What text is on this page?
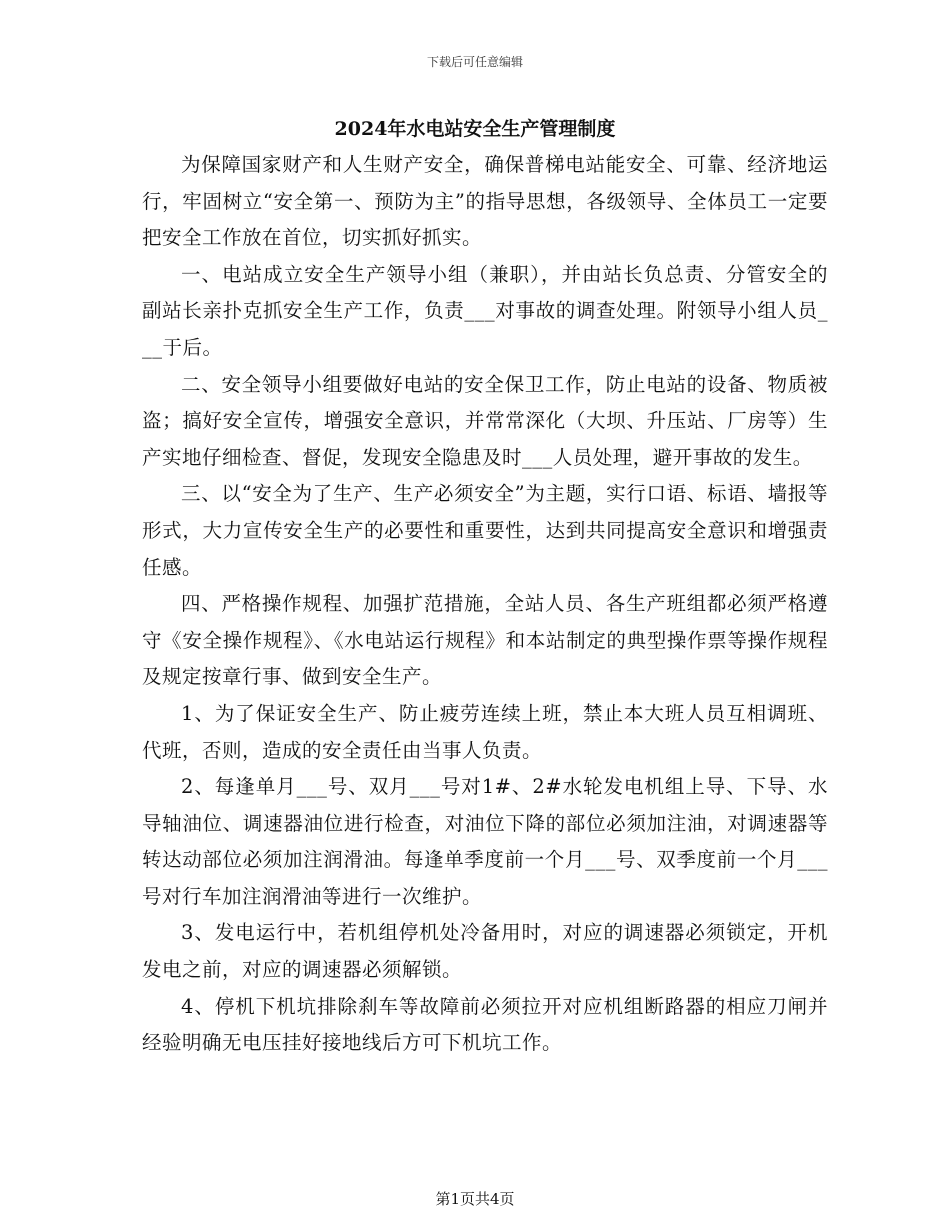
下载后可任意编辑
2024年水电站安全生产管理制度

为保障国家财产和人生财产安全，确保普梯电站能安全、可靠、经济地运行，牢固树立“安全第一、预防为主”的指导思想，各级领导、全体员工一定要把安全工作放在首位，切实抓好抓实。

一、电站成立安全生产领导小组（兼职），并由站长负总责、分管安全的副站长亲扑克抓安全生产工作，负责___对事故的调查处理。附领导小组人员___于后。

二、安全领导小组要做好电站的安全保卫工作，防止电站的设备、物质被盗；搞好安全宣传，增强安全意识，并常常深化（大坝、升压站、厂房等）生产实地仔细检查、督促，发现安全隐患及时___人员处理，避开事故的发生。

三、以“安全为了生产、生产必须安全”为主题，实行口语、标语、墙报等形式，大力宣传安全生产的必要性和重要性，达到共同提高安全意识和增强责任感。

四、严格操作规程、加强扩范措施，全站人员、各生产班组都必须严格遵守《安全操作规程》、《水电站运行规程》和本站制定的典型操作票等操作规程及规定按章行事、做到安全生产。

1、为了保证安全生产、防止疲劳连续上班，禁止本大班人员互相调班、代班，否则，造成的安全责任由当事人负责。

2、每逢单月___号、双月___号对1#、2#水轮发电机组上导、下导、水导轴油位、调速器油位进行检查，对油位下降的部位必须加注油，对调速器等转达动部位必须加注润滑油。每逢单季度前一个月___号、双季度前一个月___号对行车加注润滑油等进行一次维护。

3、发电运行中，若机组停机处冷备用时，对应的调速器必须锁定，开机发电之前，对应的调速器必须解锁。

4、停机下机坑排除刹车等故障前必须拉开对应机组断路器的相应刀闸并经验明确无电压挂好接地线后方可下机坑工作。

第1页共4页
